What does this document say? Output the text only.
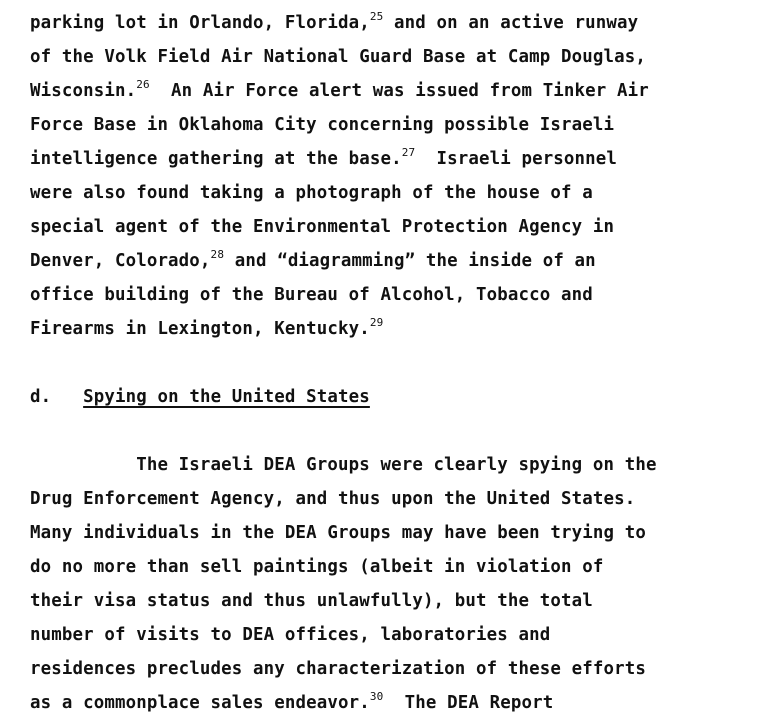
parking lot in Orlando, Florida,$^{25}$ and on an active runway
of the Volk Field Air National Guard Base at Camp Douglas,
Wisconsin.$^{26}$  An Air Force alert was issued from Tinker Air
Force Base in Oklahoma City concerning possible Israeli
intelligence gathering at the base.$^{27}$  Israeli personnel
were also found taking a photograph of the house of a
special agent of the Environmental Protection Agency in
Denver, Colorado,$^{28}$ and “diagramming” the inside of an
office building of the Bureau of Alcohol, Tobacco and
Firearms in Lexington, Kentucky.$^{29}$
d. Spying on the United States
The Israeli DEA Groups were clearly spying on the
Drug Enforcement Agency, and thus upon the United States.
Many individuals in the DEA Groups may have been trying to
do no more than sell paintings (albeit in violation of
their visa status and thus unlawfully), but the total
number of visits to DEA offices, laboratories and
residences precludes any characterization of these efforts
as a commonplace sales endeavor.$^{30}$  The DEA Report
